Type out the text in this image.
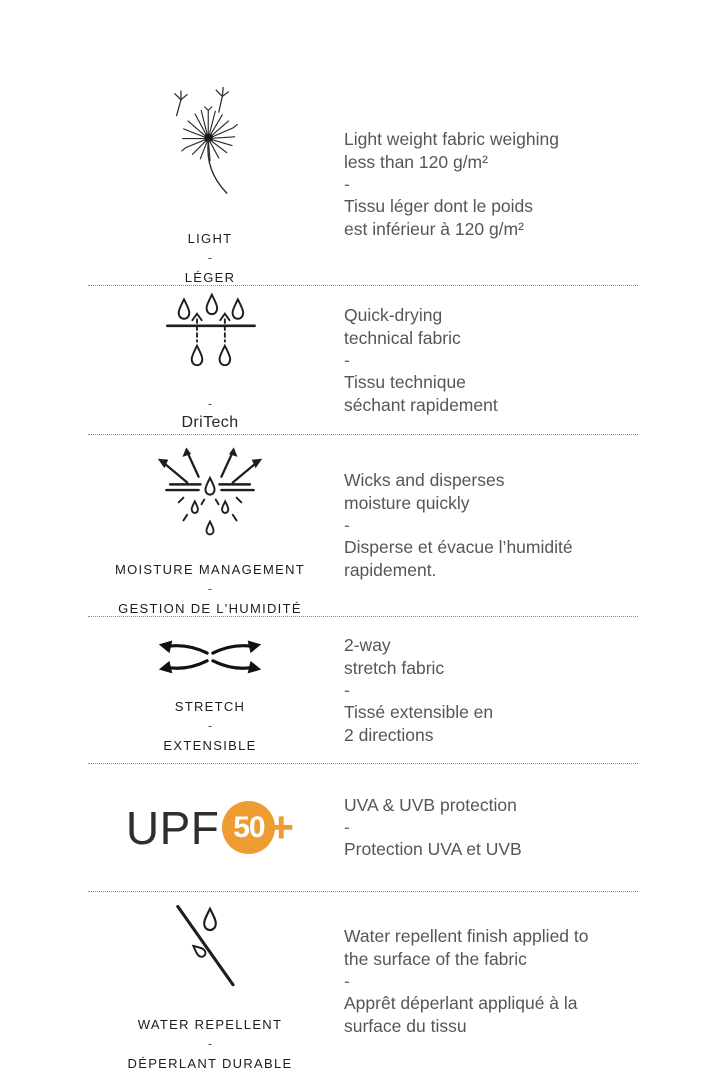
LIGHT
-
LÉGER
Light weight fabric weighing
less than 120 g/m²
-
Tissu léger dont le poids
est inférieur à 120 g/m²
-
DriTech
Quick-drying
technical fabric
-
Tissu technique
séchant rapidement
MOISTURE MANAGEMENT
-
GESTION DE L'HUMIDITÉ
Wicks and disperses
moisture quickly
-
Disperse et évacue l’humidité
rapidement.
STRETCH
-
EXTENSIBLE
2-way
stretch fabric
-
Tissé extensible en
2 directions
UPF 50 +	UVA & UVB protection
-
Protection UVA et UVB
WATER REPELLENT
-
DÉPERLANT DURABLE
Water repellent finish applied to
the surface of the fabric
-
Apprêt déperlant appliqué à la
surface du tissu
